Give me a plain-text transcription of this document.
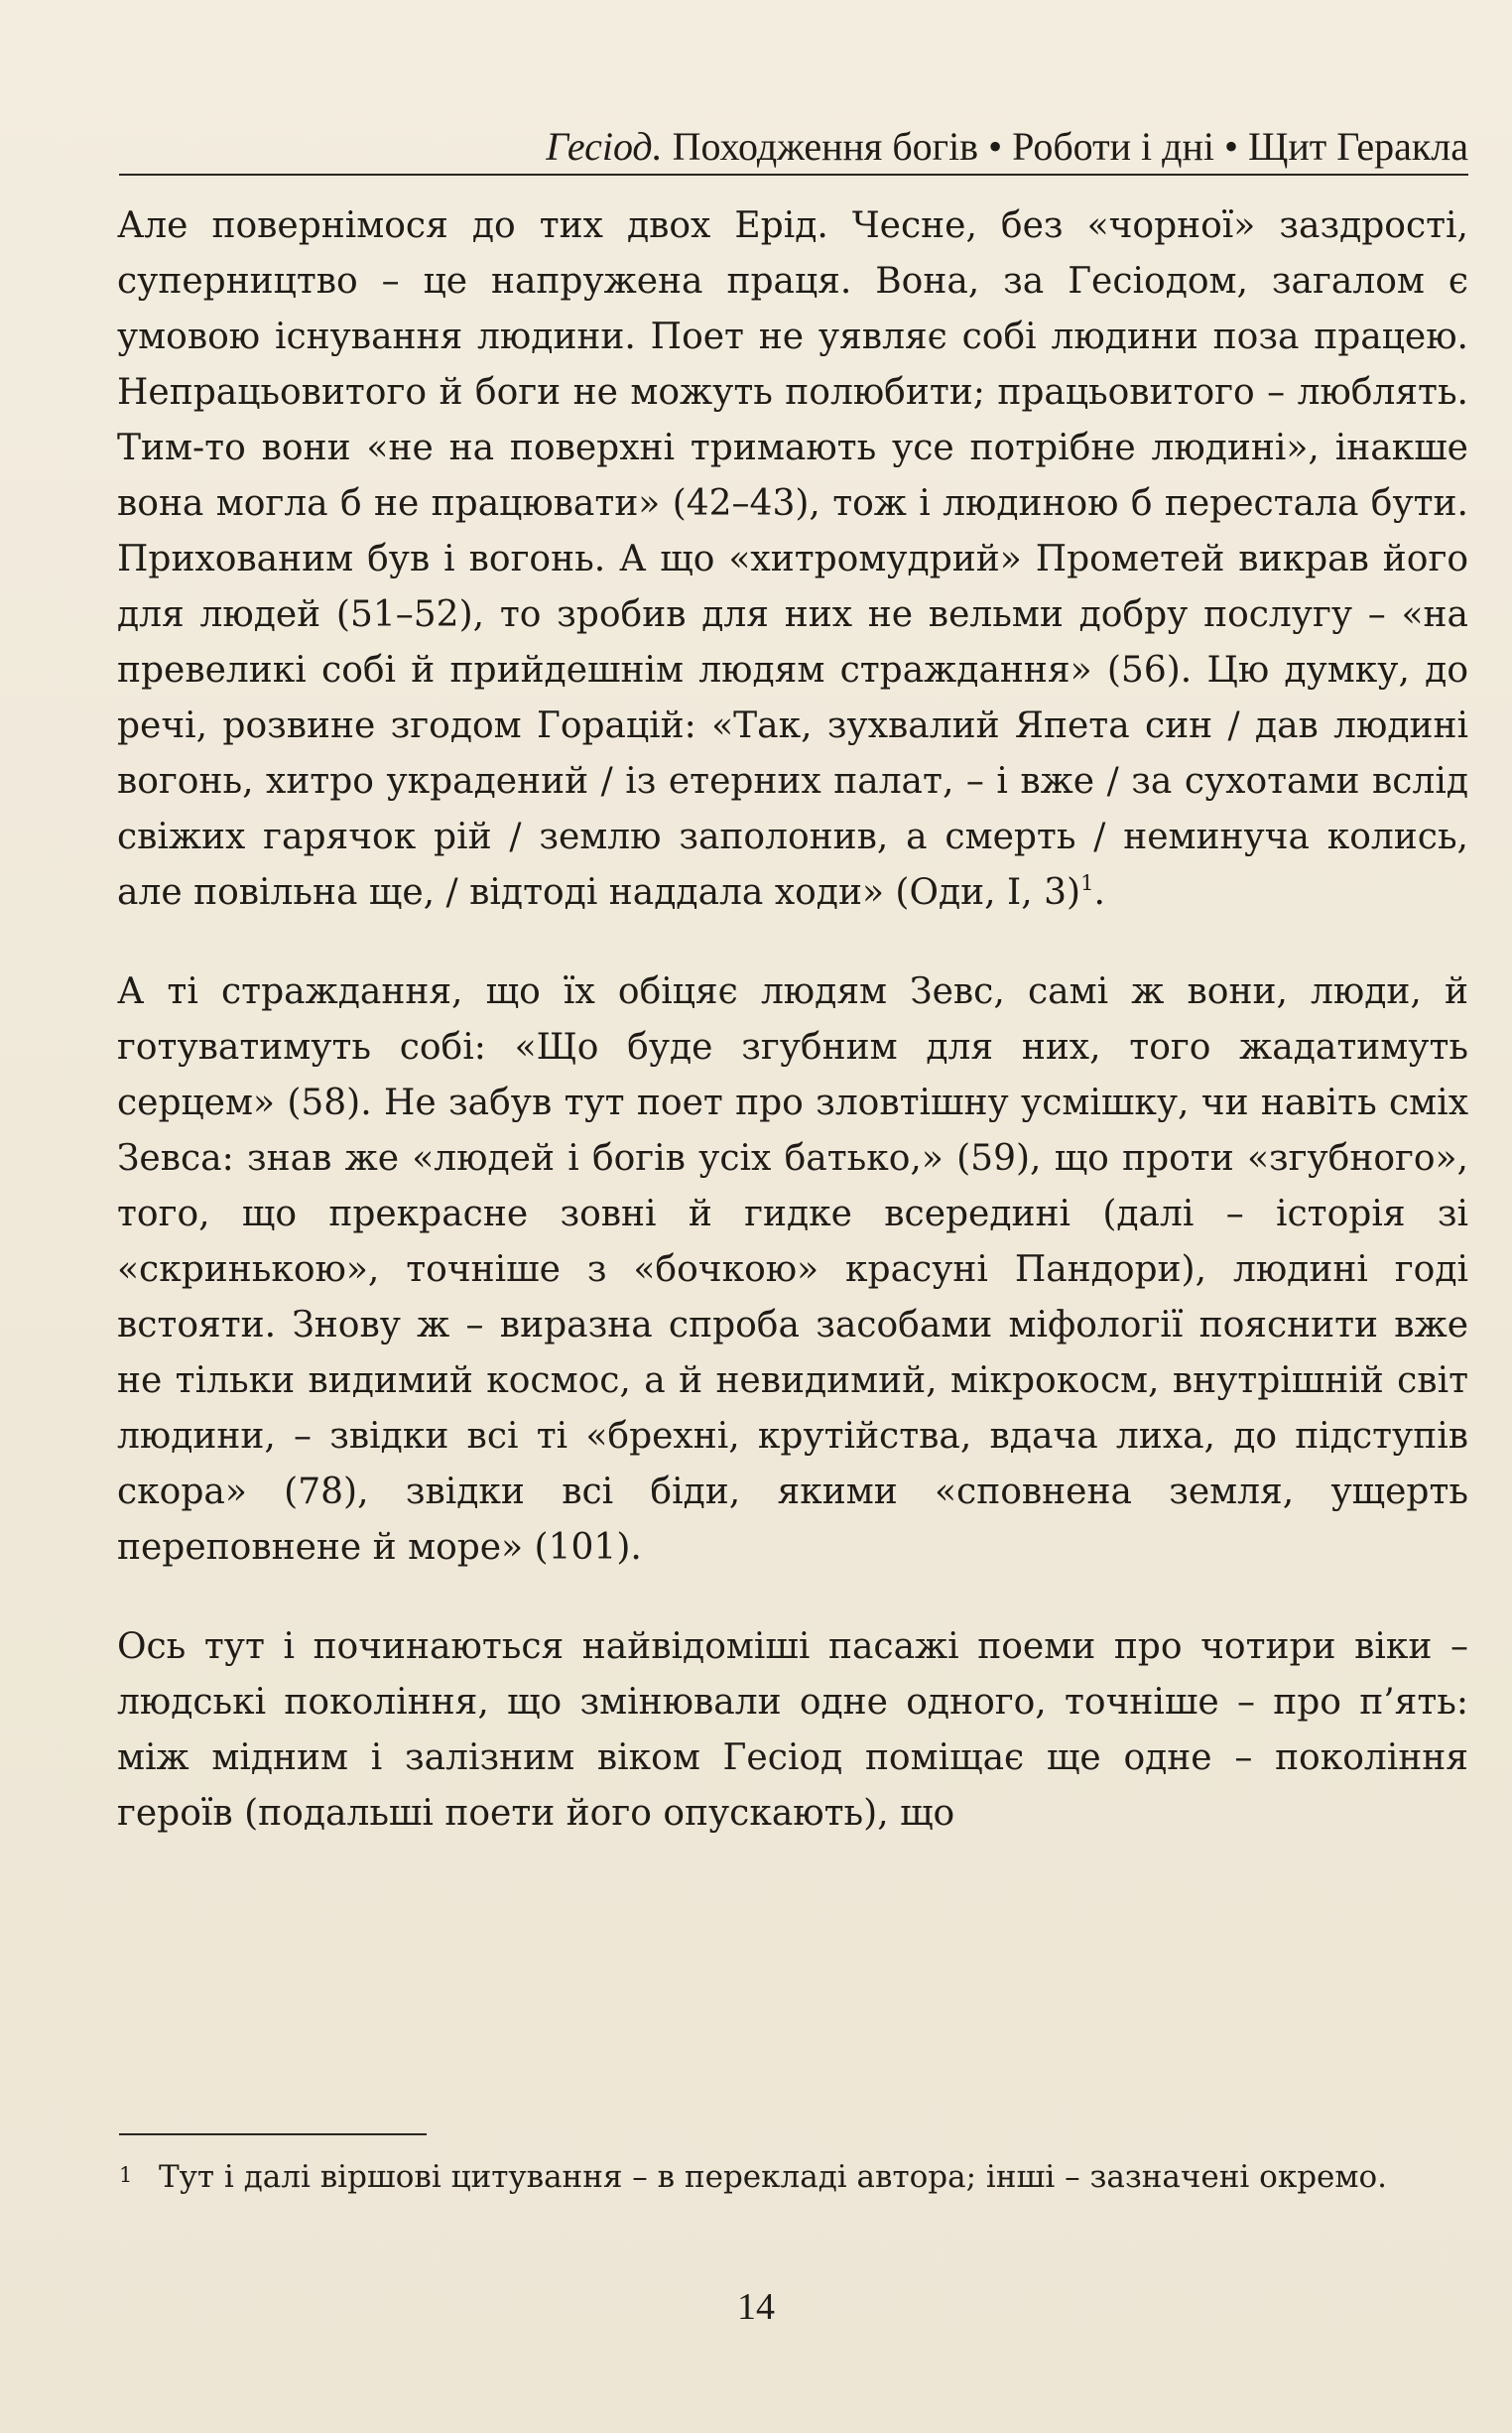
Гесіод. Походження богів • Роботи і дні • Щит Геракла

Але повернімося до тих двох Ерід. Чесне, без «чорної» заздрості, суперництво – це напружена праця. Вона, за Гесіодом, загалом є умовою існування людини. Поет не уявляє собі людини поза працею. Непрацьовитого й боги не можуть полюбити; працьовитого – люблять. Тим-то вони «не на поверхні тримають усе потрібне людині», інакше вона могла б не працювати» (42–43), тож і людиною б перестала бути. Прихованим був і вогонь. А що «хитромудрий» Прометей викрав його для людей (51–52), то зробив для них не вельми добру послугу – «на превеликі собі й прийдешнім людям страждання» (56). Цю думку, до речі, розвине згодом Горацій: «Так, зухвалий Япета син / дав людині вогонь, хитро украдений / із етерних палат, – і вже / за сухотами вслід свіжих гарячок рій / землю заполонив, а смерть / неминуча колись, але повільна ще, / відтоді наддала ходи» (Оди, I, 3)$^1$.

А ті страждання, що їх обіцяє людям Зевс, самі ж вони, люди, й готуватимуть собі: «Що буде згубним для них, того жадатимуть серцем» (58). Не забув тут поет про зловтішну усмішку, чи навіть сміх Зевса: знав же «людей і богів усіх батько,» (59), що проти «згубного», того, що прекрасне зовні й гидке всередині (далі – історія зі «скринькою», точніше з «бочкою» красуні Пандори), людині годі встояти. Знову ж – виразна спроба засобами міфології пояснити вже не тільки видимий космос, а й невидимий, мікрокосм, внутрішній світ людини, – звідки всі ті «брехні, крутійства, вдача лиха, до підступів скора» (78), звідки всі біди, якими «сповнена земля, ущерть переповнене й море» (101).

Ось тут і починаються найвідоміші пасажі поеми про чотири віки – людські покоління, що змінювали одне одного, точніше – про п’ять: між мідним і залізним віком Гесіод поміщає ще одне – покоління героїв (подальші поети його опускають), що

1 Тут і далі віршові цитування – в перекладі автора; інші – зазначені окремо.
14
